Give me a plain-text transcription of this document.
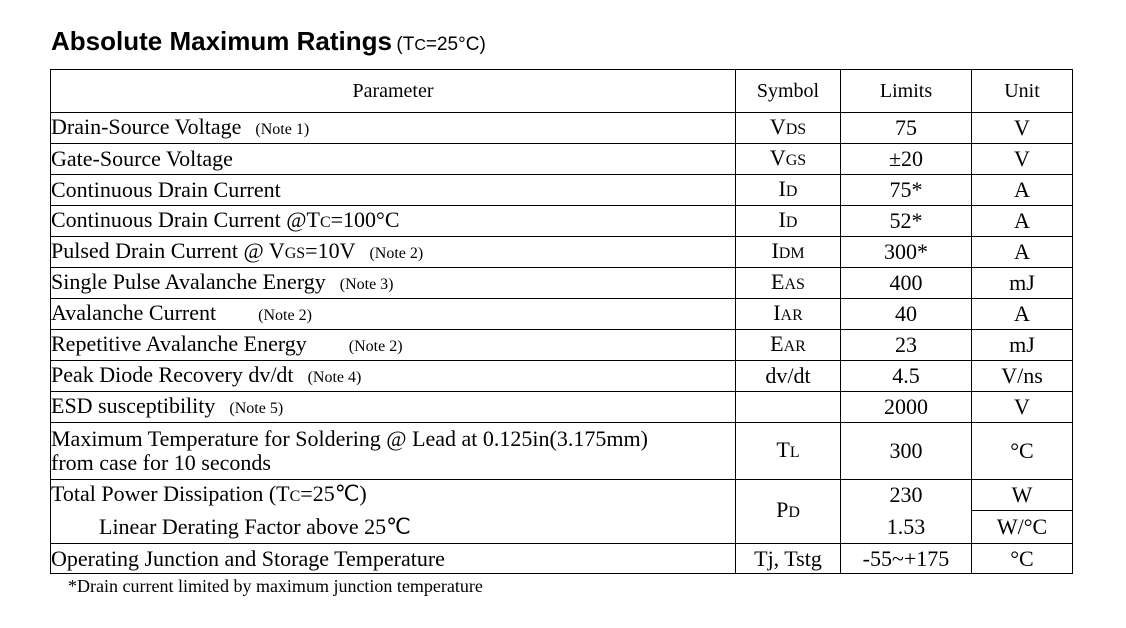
Absolute Maximum Ratings (TC=25°C)
Parameter	Symbol	Limits	Unit
Drain-Source Voltage (Note 1)	VDS	75	V
Gate-Source Voltage	VGS	±20	V
Continuous Drain Current	ID	75*	A
Continuous Drain Current @TC=100°C	ID	52*	A
Pulsed Drain Current @ VGS=10V (Note 2)	IDM	300*	A
Single Pulse Avalanche Energy (Note 3)	EAS	400	mJ
Avalanche Current (Note 2)	IAR	40	A
Repetitive Avalanche Energy (Note 2)	EAR	23	mJ
Peak Diode Recovery dv/dt (Note 4)	dv/dt	4.5	V/ns
ESD susceptibility (Note 5)		2000	V

Maximum Temperature for Soldering @ Lead at 0.125in(3.175mm)
from case for 10 seconds	TL	300	°C
Total Power Dissipation (TC=25℃)	PD	230	W
Linear Derating Factor above 25℃		1.53	W/°C
Operating Junction and Storage Temperature	Tj, Tstg	-55~+175	°C
*Drain current limited by maximum junction temperature
